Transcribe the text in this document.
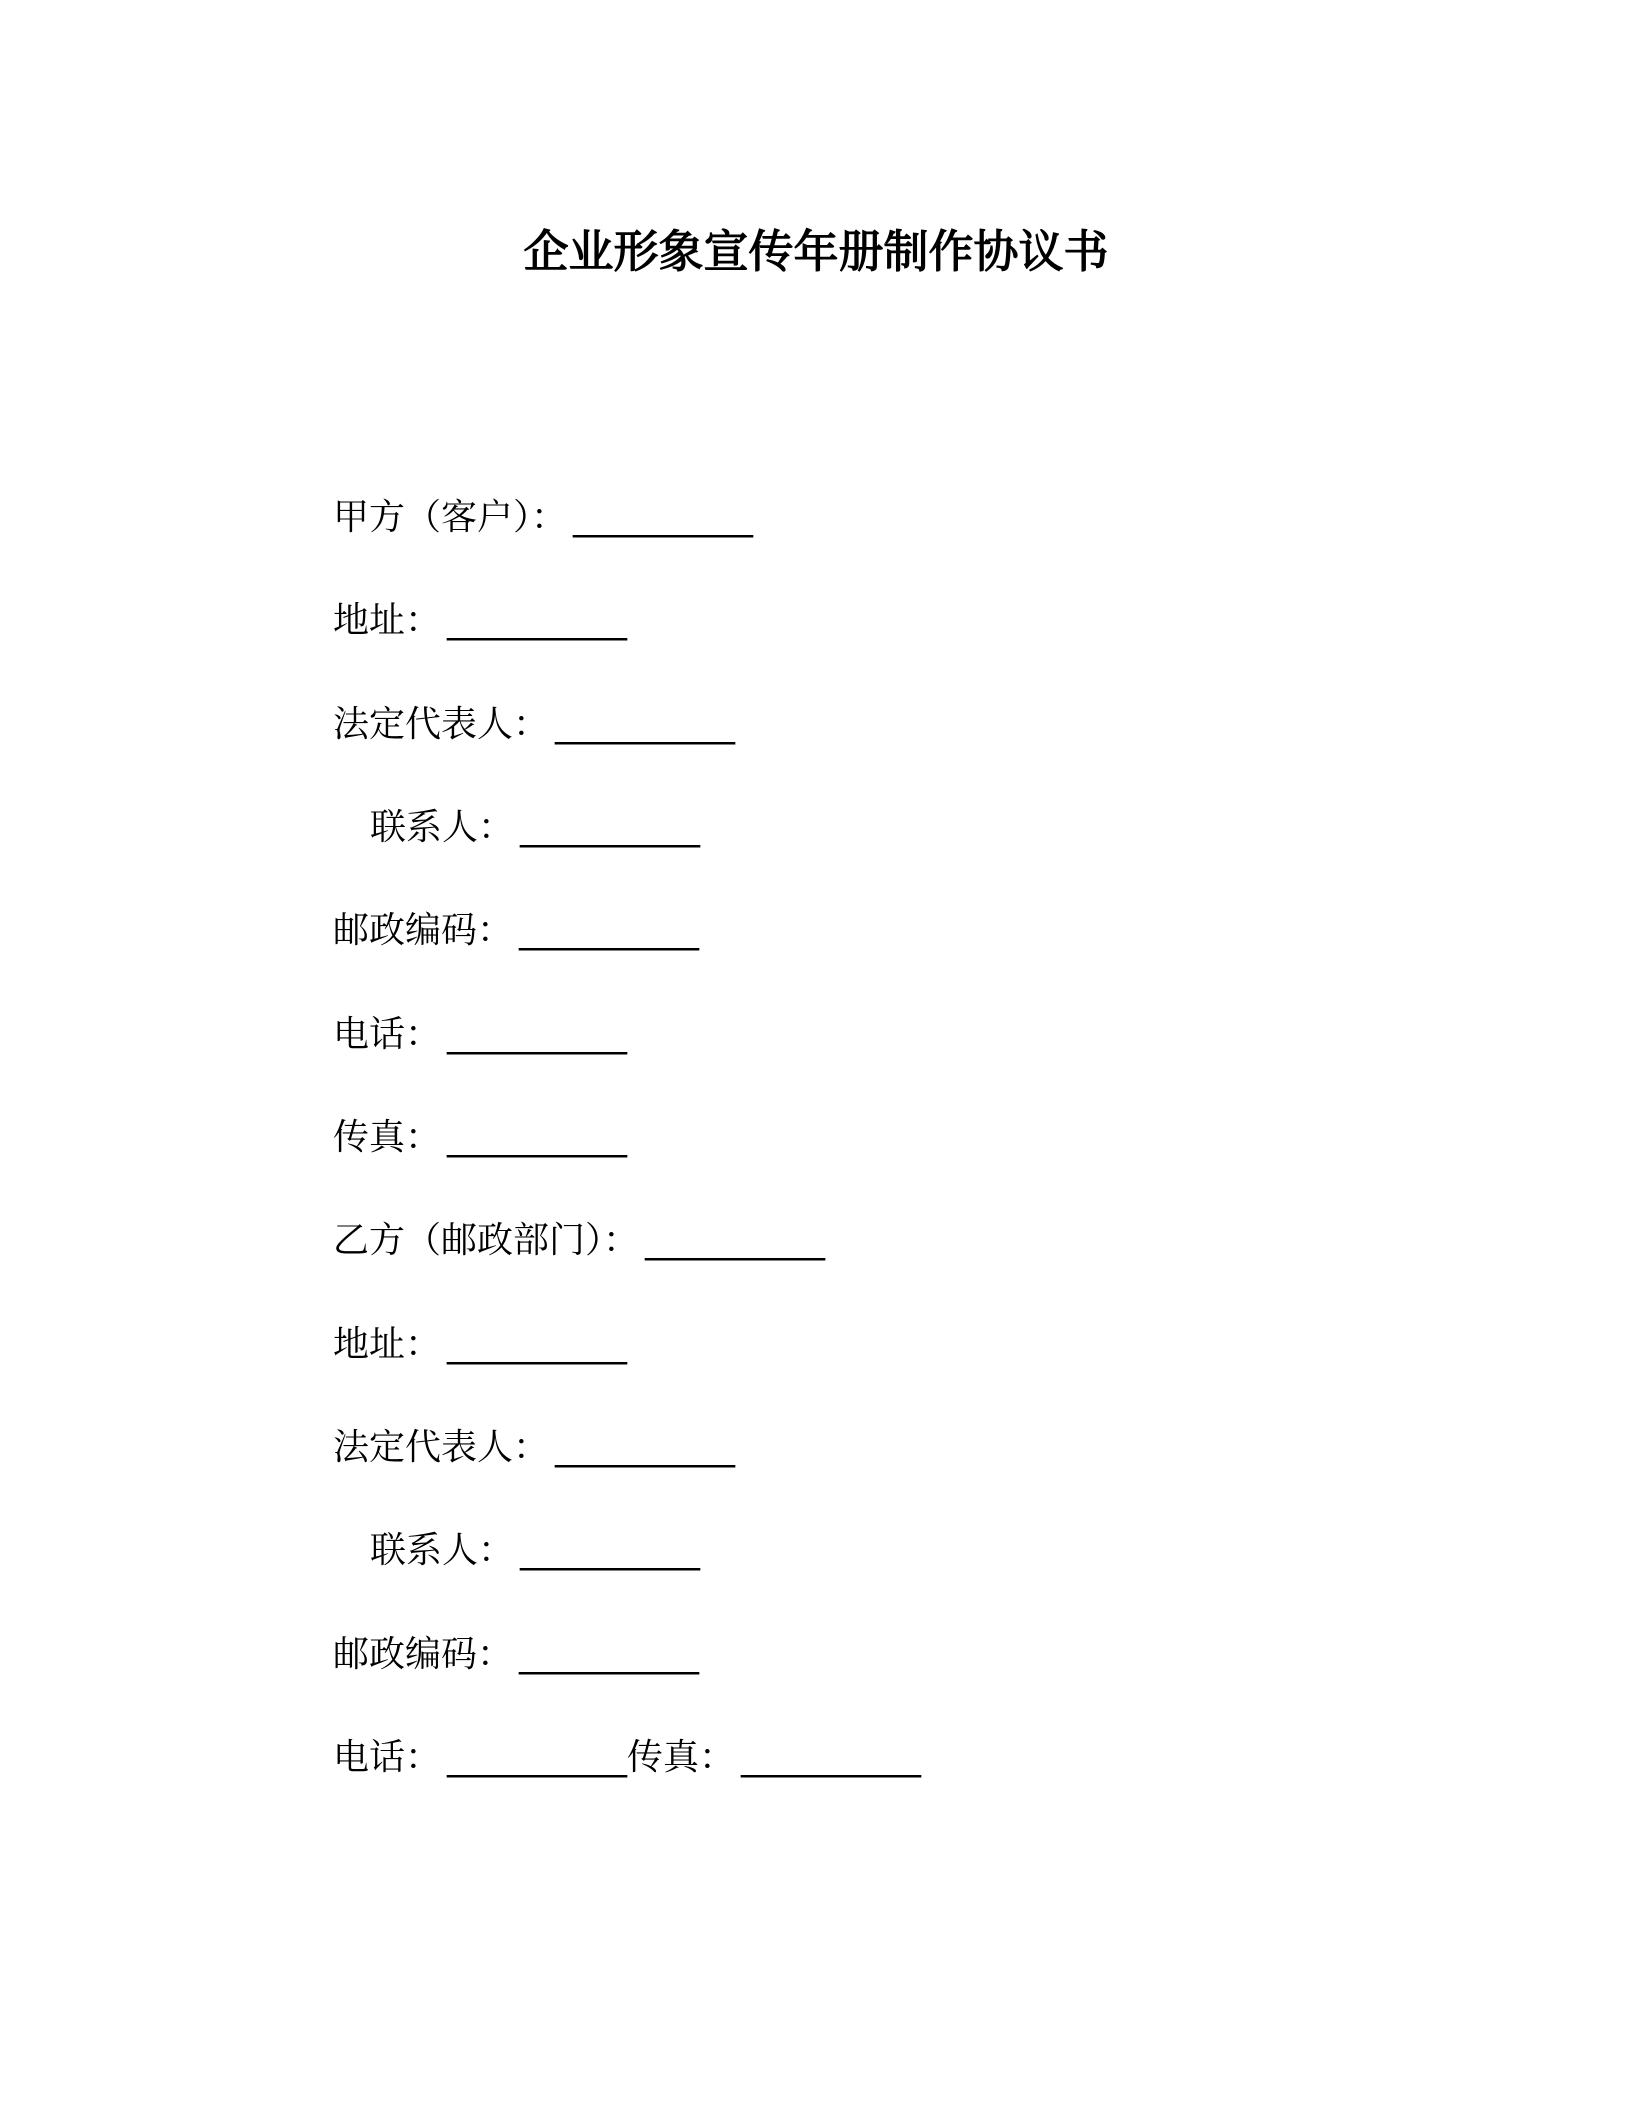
企业形象宣传年册制作协议书
甲方（客户）： __________
地址： __________
法定代表人： __________
联系人： __________
邮政编码： __________
电话： __________
传真： __________
乙方（邮政部门）： __________
地址： __________
法定代表人： __________
联系人： __________
邮政编码： __________
电话： __________传真： __________
